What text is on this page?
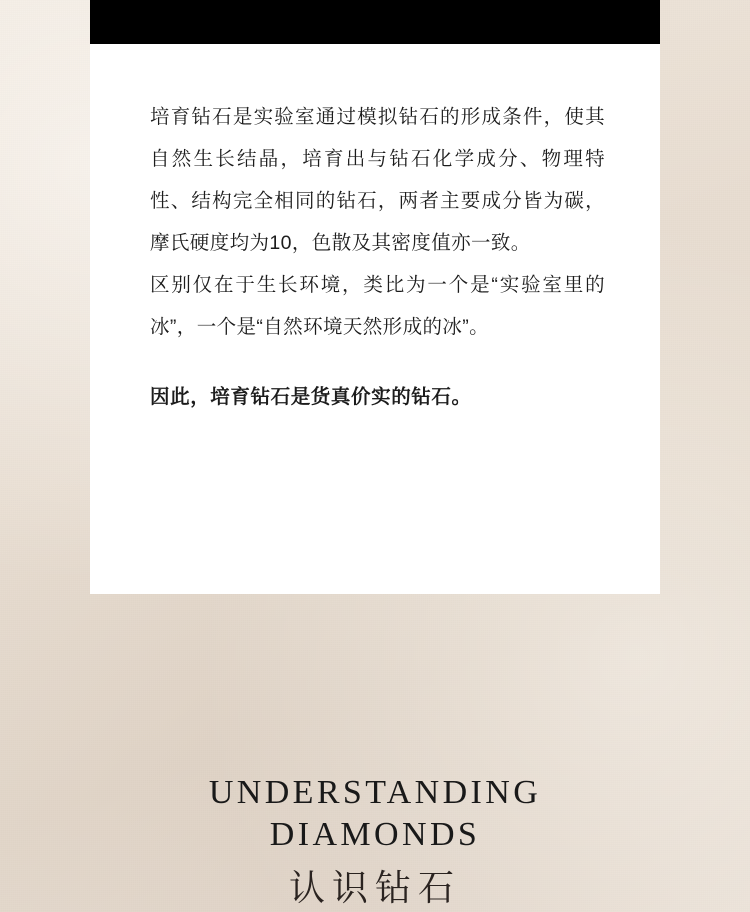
培育钻石是实验室通过模拟钻石的形成条件，使其自然生长结晶，培育出与钻石化学成分、物理特性、结构完全相同的钻石，两者主要成分皆为碳，摩氏硬度均为10，色散及其密度值亦一致。

区别仅在于生长环境，类比为一个是“实验室里的冰”，一个是“自然环境天然形成的冰”。

因此，培育钻石是货真价实的钻石。

UNDERSTANDING
DIAMONDS
认识钻石
